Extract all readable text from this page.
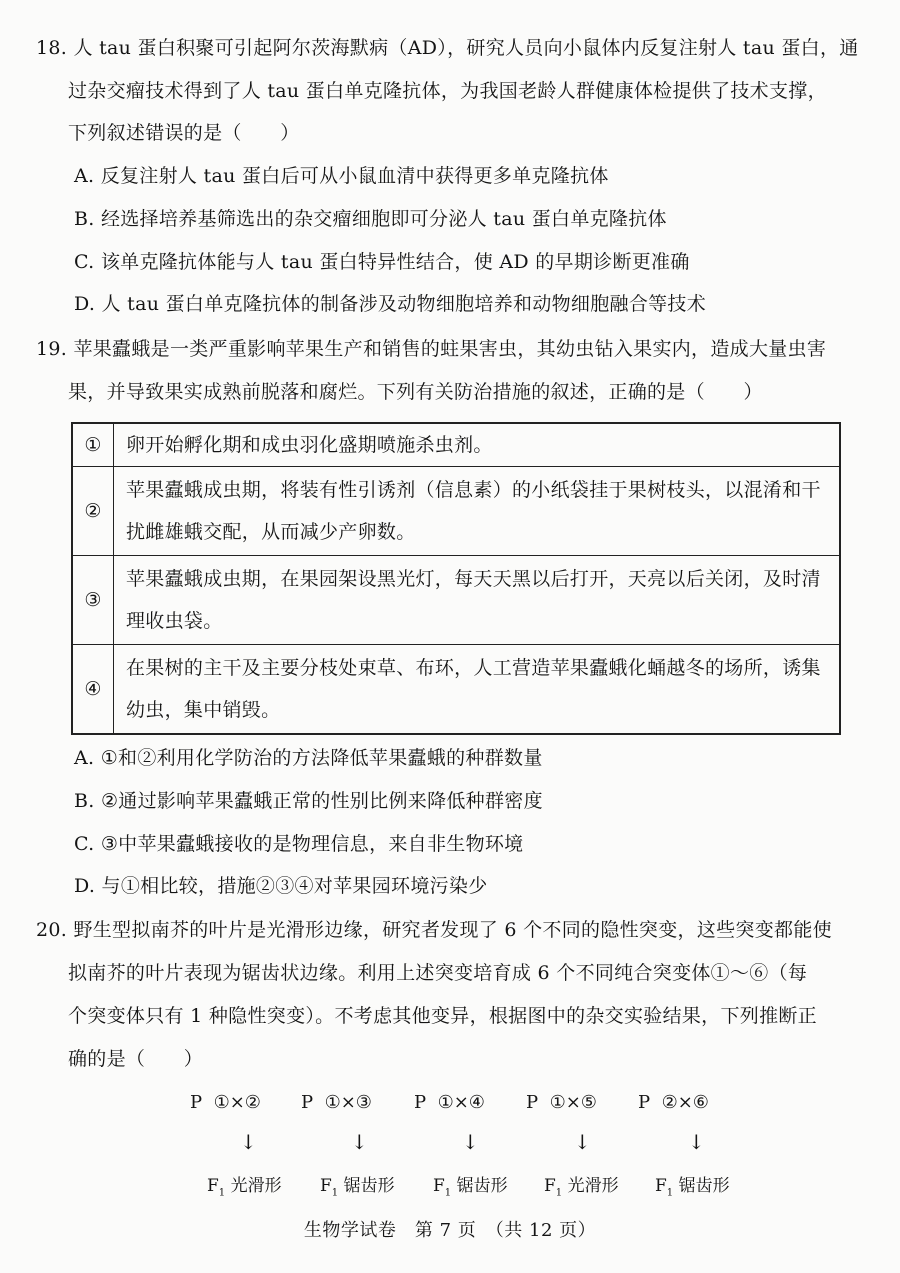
18. 人 tau 蛋白积聚可引起阿尔茨海默病（AD），研究人员向小鼠体内反复注射人 tau 蛋白，通
过杂交瘤技术得到了人 tau 蛋白单克隆抗体，为我国老龄人群健康体检提供了技术支撑，
下列叙述错误的是（　　）
A. 反复注射人 tau 蛋白后可从小鼠血清中获得更多单克隆抗体
B. 经选择培养基筛选出的杂交瘤细胞即可分泌人 tau 蛋白单克隆抗体
C. 该单克隆抗体能与人 tau 蛋白特异性结合，使 AD 的早期诊断更准确
D. 人 tau 蛋白单克隆抗体的制备涉及动物细胞培养和动物细胞融合等技术
19. 苹果蠹蛾是一类严重影响苹果生产和销售的蛀果害虫，其幼虫钻入果实内，造成大量虫害
果，并导致果实成熟前脱落和腐烂。下列有关防治措施的叙述，正确的是（　　）
①	卵开始孵化期和成虫羽化盛期喷施杀虫剂。
②	苹果蠹蛾成虫期，将装有性引诱剂（信息素）的小纸袋挂于果树枝头，以混淆和干扰雌雄蛾交配，从而减少产卵数。
③	苹果蠹蛾成虫期，在果园架设黑光灯，每天天黑以后打开，天亮以后关闭，及时清理收虫袋。
④	在果树的主干及主要分枝处束草、布环，人工营造苹果蠹蛾化蛹越冬的场所，诱集幼虫，集中销毁。
A. ①和②利用化学防治的方法降低苹果蠹蛾的种群数量
B. ②通过影响苹果蠹蛾正常的性别比例来降低种群密度
C. ③中苹果蠹蛾接收的是物理信息，来自非生物环境
D. 与①相比较，措施②③④对苹果园环境污染少
20. 野生型拟南芥的叶片是光滑形边缘，研究者发现了 6 个不同的隐性突变，这些突变都能使
拟南芥的叶片表现为锯齿状边缘。利用上述突变培育成 6 个不同纯合突变体①～⑥（每
个突变体只有 1 种隐性突变）。不考虑其他变异，根据图中的杂交实验结果，下列推断正
确的是（　　）
P ①×② P ①×③ P ①×④ P ①×⑤ P ②×⑥
↓	↓	↓	↓	↓
$F_1$ 光滑形 $F_1$ 锯齿形 $F_1$ 锯齿形 $F_1$ 光滑形 $F_1$ 锯齿形
生物学试卷　第 7 页　（共 12 页）
